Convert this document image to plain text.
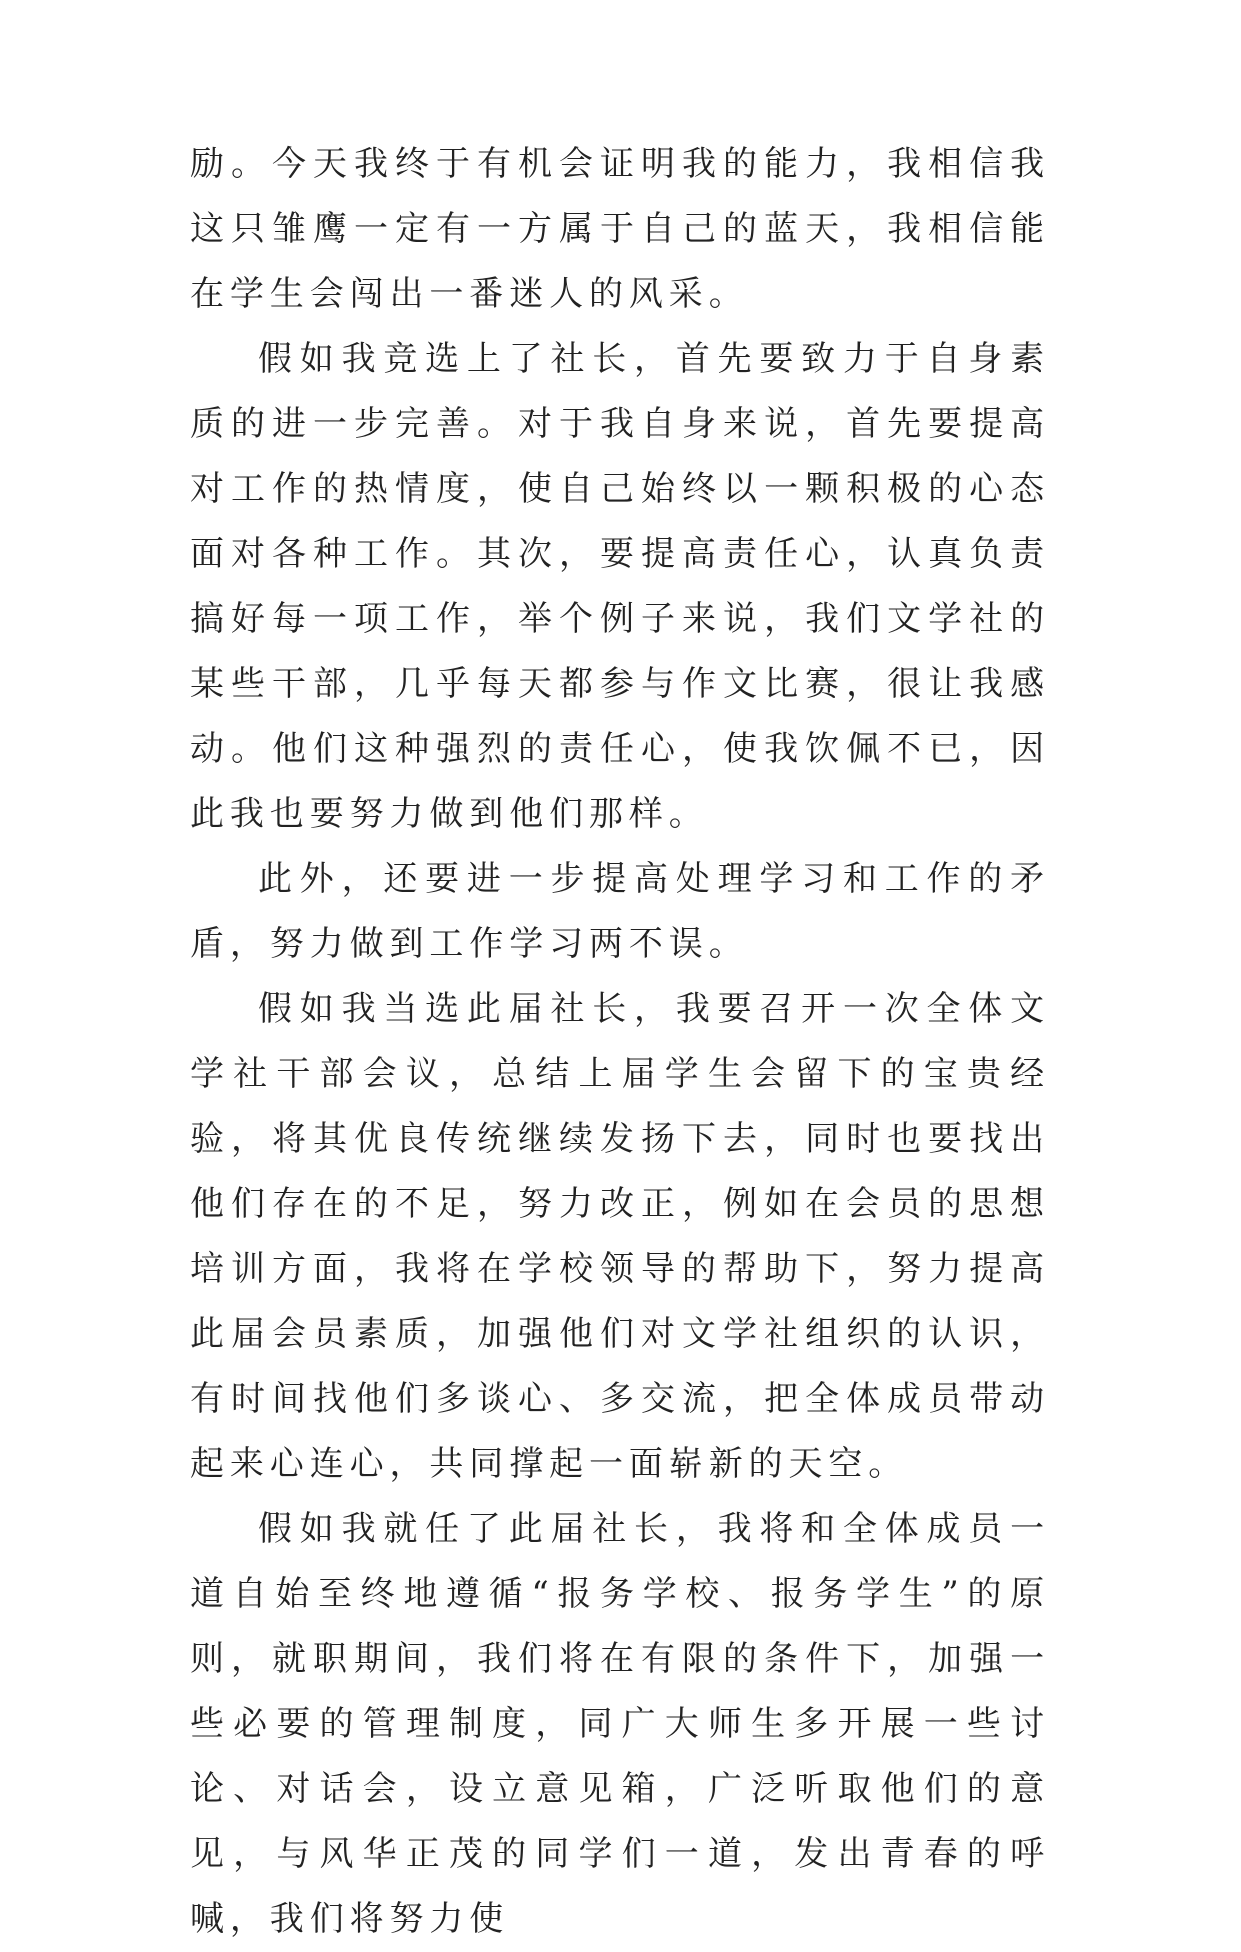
励。今天我终于有机会证明我的能力，我相信我这只雏鹰一定有一方属于自己的蓝天，我相信能在学生会闯出一番迷人的风采。

假如我竞选上了社长，首先要致力于自身素质的进一步完善。对于我自身来说，首先要提高对工作的热情度，使自己始终以一颗积极的心态面对各种工作。其次，要提高责任心，认真负责搞好每一项工作，举个例子来说，我们文学社的某些干部，几乎每天都参与作文比赛，很让我感动。他们这种强烈的责任心，使我饮佩不已，因此我也要努力做到他们那样。

此外，还要进一步提高处理学习和工作的矛盾，努力做到工作学习两不误。

假如我当选此届社长，我要召开一次全体文学社干部会议，总结上届学生会留下的宝贵经验，将其优良传统继续发扬下去，同时也要找出他们存在的不足，努力改正，例如在会员的思想培训方面，我将在学校领导的帮助下，努力提高此届会员素质，加强他们对文学社组织的认识，有时间找他们多谈心、多交流，把全体成员带动起来心连心，共同撑起一面崭新的天空。

假如我就任了此届社长，我将和全体成员一道自始至终地遵循“报务学校、报务学生”的原则，就职期间，我们将在有限的条件下，加强一些必要的管理制度，同广大师生多开展一些讨论、对话会，设立意见箱，广泛听取他们的意见，与风华正茂的同学们一道，发出青春的呼喊，我们将努力使
